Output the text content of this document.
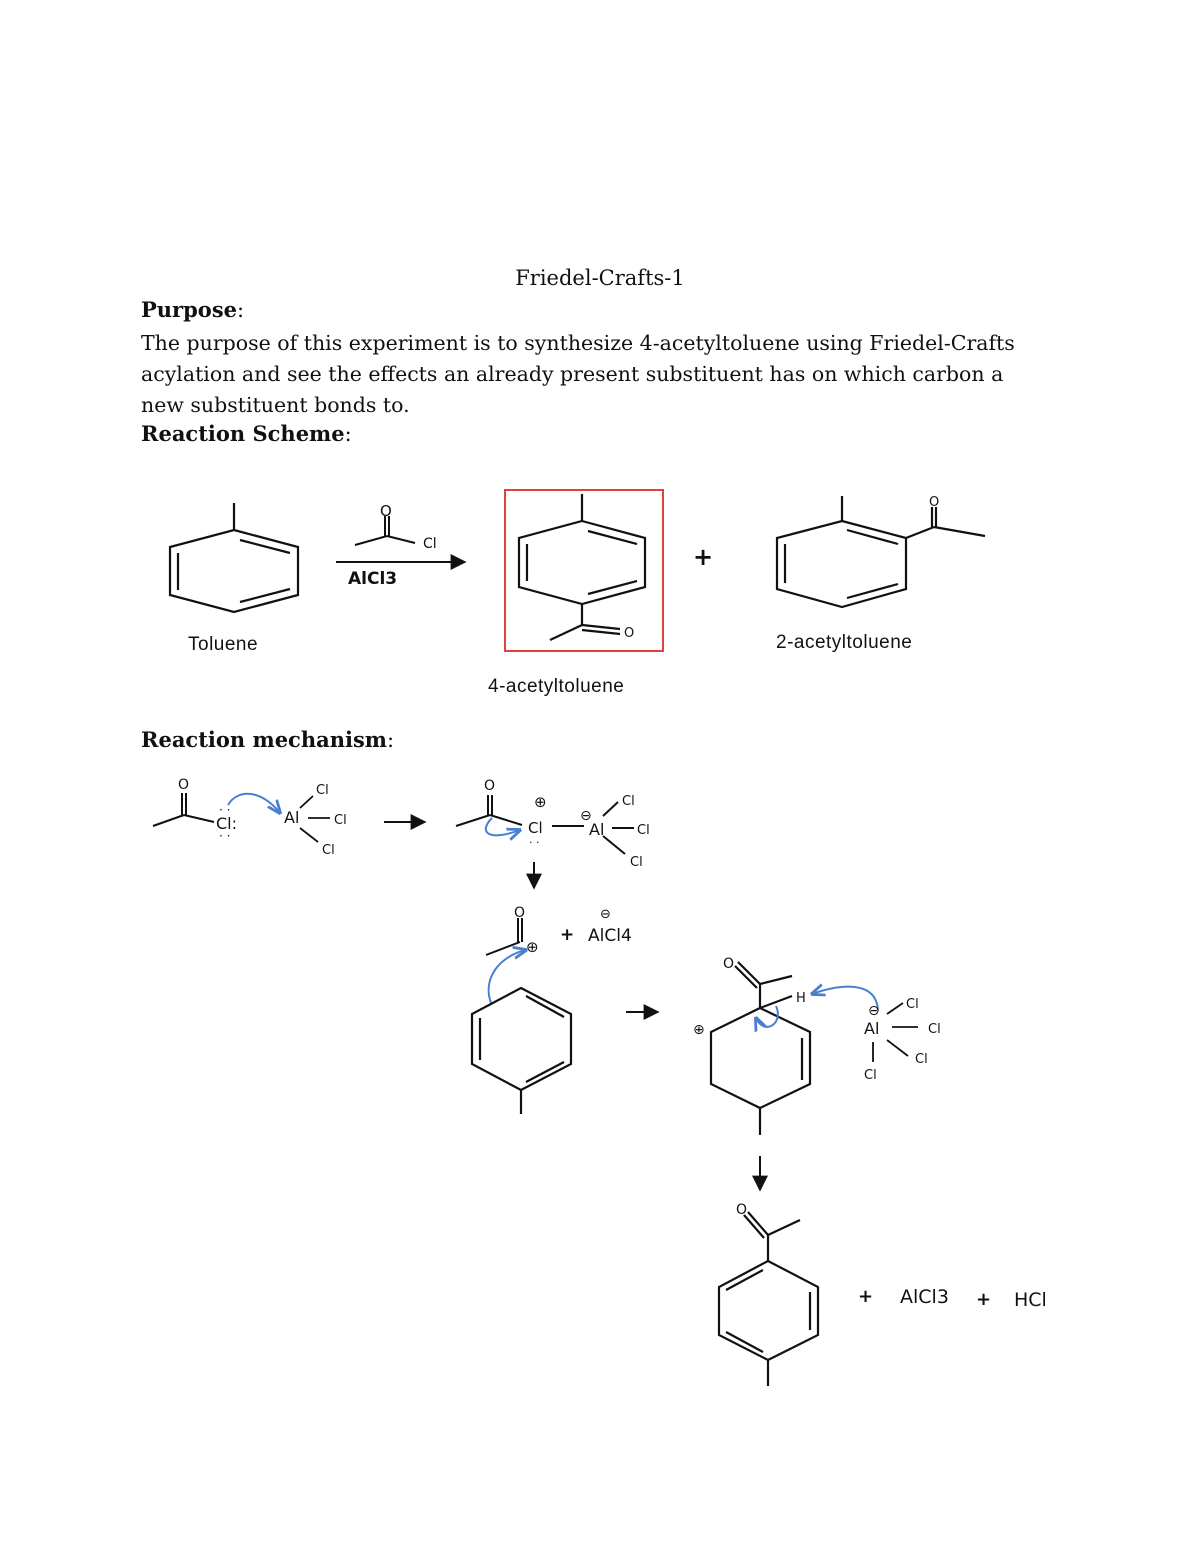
Friedel-Crafts-1
Purpose:
The purpose of this experiment is to synthesize 4-acetyltoluene using Friedel-Crafts acylation and see the effects an already present substituent has on which carbon a new substituent bonds to.
Reaction Scheme:
Reaction mechanism:
Toluene
O
Cl
AlCl3
O
4-acetyltoluene
+
O
2-acetyltoluene
O
Cl:
· ·
· ·
Al
Cl
Cl
Cl
O
⊕
Cl
· ·
⊖
Al
Cl
Cl
Cl
O
⊕
+
⊖
AlCl4
⊕
O
H
⊖
Al
Cl
Cl
Cl
Cl
O
+ AlCl3 + HCl
